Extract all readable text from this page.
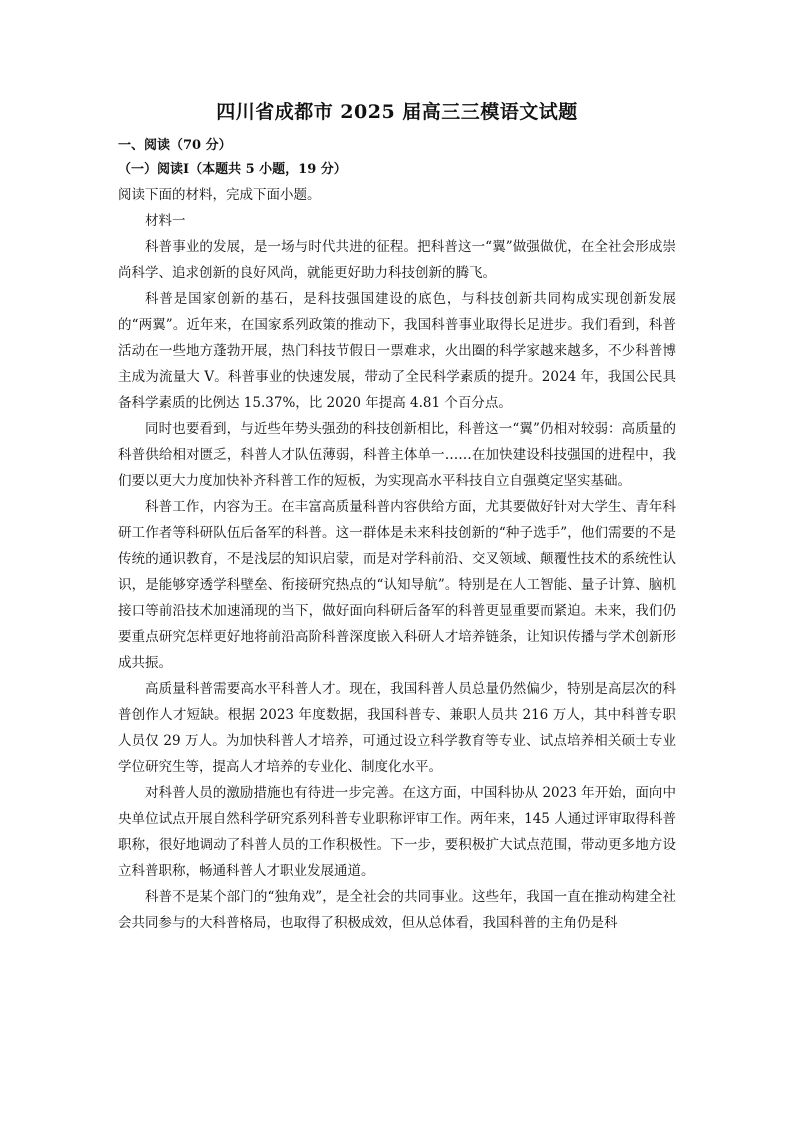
四川省成都市 2025 届高三三模语文试题

一、阅读（70 分）

（一）阅读Ⅰ（本题共 5 小题，19 分）

阅读下面的材料，完成下面小题。

材料一

科普事业的发展，是一场与时代共进的征程。把科普这一“翼”做强做优，在全社会形成崇尚科学、追求创新的良好风尚，就能更好助力科技创新的腾飞。

科普是国家创新的基石，是科技强国建设的底色，与科技创新共同构成实现创新发展的“两翼”。近年来，在国家系列政策的推动下，我国科普事业取得长足进步。我们看到，科普活动在一些地方蓬勃开展，热门科技节假日一票难求，火出圈的科学家越来越多，不少科普博主成为流量大 V。科普事业的快速发展，带动了全民科学素质的提升。2024 年，我国公民具备科学素质的比例达 15.37%，比 2020 年提高 4.81 个百分点。

同时也要看到，与近些年势头强劲的科技创新相比，科普这一“翼”仍相对较弱：高质量的科普供给相对匮乏，科普人才队伍薄弱，科普主体单一……在加快建设科技强国的进程中，我们要以更大力度加快补齐科普工作的短板，为实现高水平科技自立自强奠定坚实基础。

科普工作，内容为王。在丰富高质量科普内容供给方面，尤其要做好针对大学生、青年科研工作者等科研队伍后备军的科普。这一群体是未来科技创新的“种子选手”，他们需要的不是传统的通识教育，不是浅层的知识启蒙，而是对学科前沿、交叉领域、颠覆性技术的系统性认识，是能够穿透学科壁垒、衔接研究热点的“认知导航”。特别是在人工智能、量子计算、脑机接口等前沿技术加速涌现的当下，做好面向科研后备军的科普更显重要而紧迫。未来，我们仍要重点研究怎样更好地将前沿高阶科普深度嵌入科研人才培养链条，让知识传播与学术创新形成共振。

高质量科普需要高水平科普人才。现在，我国科普人员总量仍然偏少，特别是高层次的科普创作人才短缺。根据 2023 年度数据，我国科普专、兼职人员共 216 万人，其中科普专职人员仅 29 万人。为加快科普人才培养，可通过设立科学教育等专业、试点培养相关硕士专业学位研究生等，提高人才培养的专业化、制度化水平。

对科普人员的激励措施也有待进一步完善。在这方面，中国科协从 2023 年开始，面向中央单位试点开展自然科学研究系列科普专业职称评审工作。两年来，145 人通过评审取得科普职称，很好地调动了科普人员的工作积极性。下一步，要积极扩大试点范围，带动更多地方设立科普职称，畅通科普人才职业发展通道。

科普不是某个部门的“独角戏”，是全社会的共同事业。这些年，我国一直在推动构建全社会共同参与的大科普格局，也取得了积极成效，但从总体看，我国科普的主角仍是科
